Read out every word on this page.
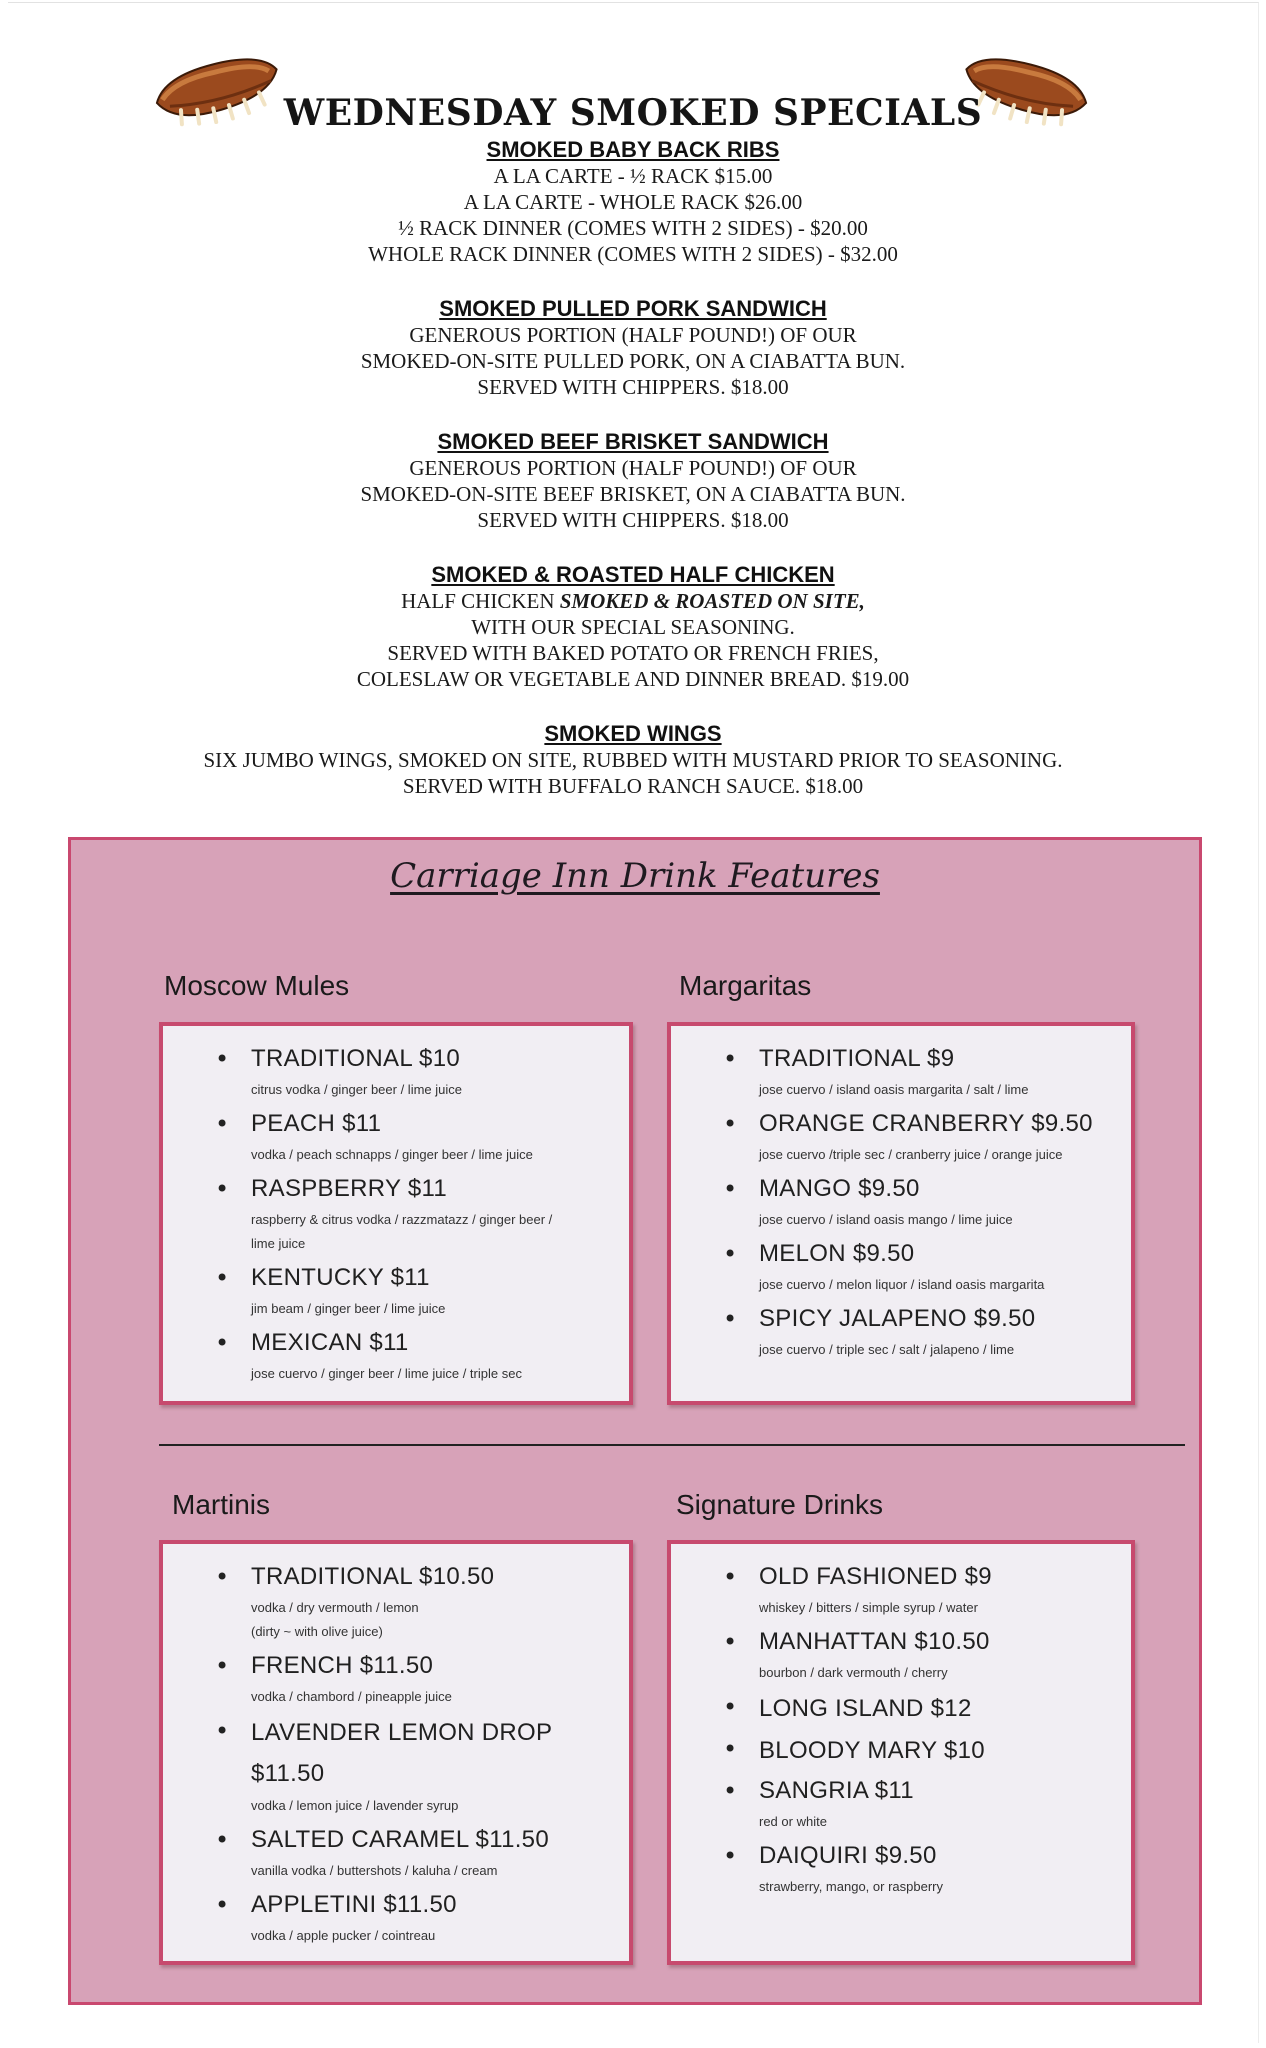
WEDNESDAY SMOKED SPECIALS
SMOKED BABY BACK RIBS
A LA CARTE - ½ RACK $15.00
A LA CARTE - WHOLE RACK $26.00
½ RACK DINNER (COMES WITH 2 SIDES) - $20.00
WHOLE RACK DINNER (COMES WITH 2 SIDES) - $32.00
SMOKED PULLED PORK SANDWICH
GENEROUS PORTION (HALF POUND!) OF OUR
SMOKED-ON-SITE PULLED PORK, ON A CIABATTA BUN.
SERVED WITH CHIPPERS. $18.00
SMOKED BEEF BRISKET SANDWICH
GENEROUS PORTION (HALF POUND!) OF OUR
SMOKED-ON-SITE BEEF BRISKET, ON A CIABATTA BUN.
SERVED WITH CHIPPERS. $18.00
SMOKED & ROASTED HALF CHICKEN
HALF CHICKEN SMOKED & ROASTED ON SITE,
WITH OUR SPECIAL SEASONING.
SERVED WITH BAKED POTATO OR FRENCH FRIES,
COLESLAW OR VEGETABLE AND DINNER BREAD. $19.00
SMOKED WINGS
SIX JUMBO WINGS, SMOKED ON SITE, RUBBED WITH MUSTARD PRIOR TO SEASONING.
SERVED WITH BUFFALO RANCH SAUCE. $18.00
Carriage Inn Drink Features
Moscow Mules
• TRADITIONAL $10
citrus vodka / ginger beer / lime juice
• PEACH $11
vodka / peach schnapps / ginger beer / lime juice
• RASPBERRY $11
raspberry & citrus vodka / razzmatazz / ginger beer /
lime juice
• KENTUCKY $11
jim beam / ginger beer / lime juice
• MEXICAN $11
jose cuervo / ginger beer / lime juice / triple sec
Margaritas
• TRADITIONAL $9
jose cuervo / island oasis margarita / salt / lime
• ORANGE CRANBERRY $9.50
jose cuervo /triple sec / cranberry juice / orange juice
• MANGO $9.50
jose cuervo / island oasis mango / lime juice
• MELON $9.50
jose cuervo / melon liquor / island oasis margarita
• SPICY JALAPENO $9.50
jose cuervo / triple sec / salt / jalapeno / lime
Martinis
• TRADITIONAL $10.50
vodka / dry vermouth / lemon
(dirty ~ with olive juice)
• FRENCH $11.50
vodka / chambord / pineapple juice
• LAVENDER LEMON DROP
$11.50
vodka / lemon juice / lavender syrup
• SALTED CARAMEL $11.50
vanilla vodka / buttershots / kaluha / cream
• APPLETINI $11.50
vodka / apple pucker / cointreau
Signature Drinks
• OLD FASHIONED $9
whiskey / bitters / simple syrup / water
• MANHATTAN $10.50
bourbon / dark vermouth / cherry
• LONG ISLAND $12
• BLOODY MARY $10
• SANGRIA $11
red or white
• DAIQUIRI $9.50
strawberry, mango, or raspberry
